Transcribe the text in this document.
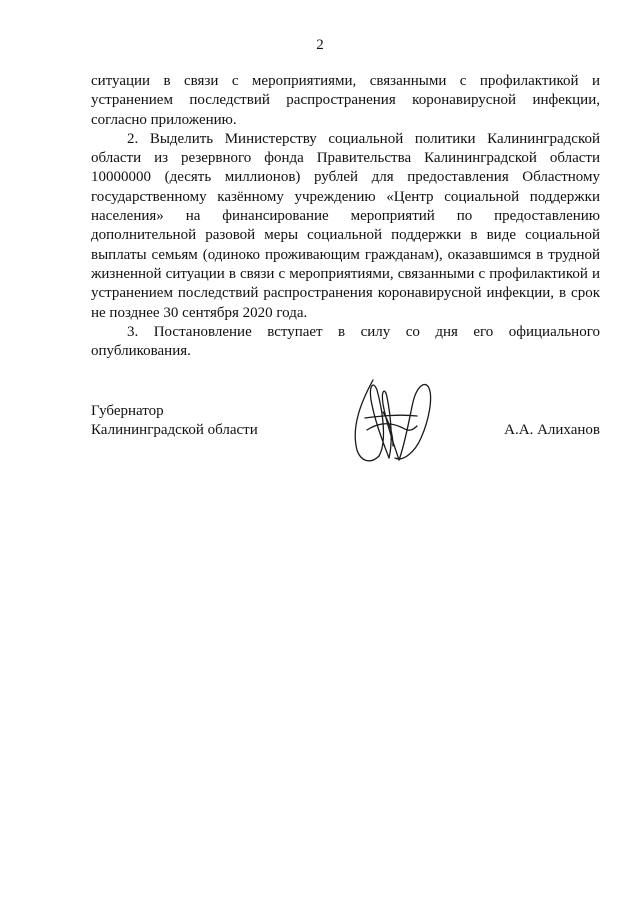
2

ситуации в связи с мероприятиями, связанными с профилактикой и устранением последствий распространения коронавирусной инфекции, согласно приложению.

2. Выделить Министерству социальной политики Калининградской области из резервного фонда Правительства Калининградской области 10000000 (десять миллионов) рублей для предоставления Областному государственному казённому учреждению «Центр социальной поддержки населения» на финансирование мероприятий по предоставлению дополнительной разовой меры социальной поддержки в виде социальной выплаты семьям (одиноко проживающим гражданам), оказавшимся в трудной жизненной ситуации в связи с мероприятиями, связанными с профилактикой и устранением последствий распространения коронавирусной инфекции, в срок не позднее 30 сентября 2020 года.

3. Постановление вступает в силу со дня его официального опубликования.

Губернатор
Калининградской области	А.А. Алиханов
